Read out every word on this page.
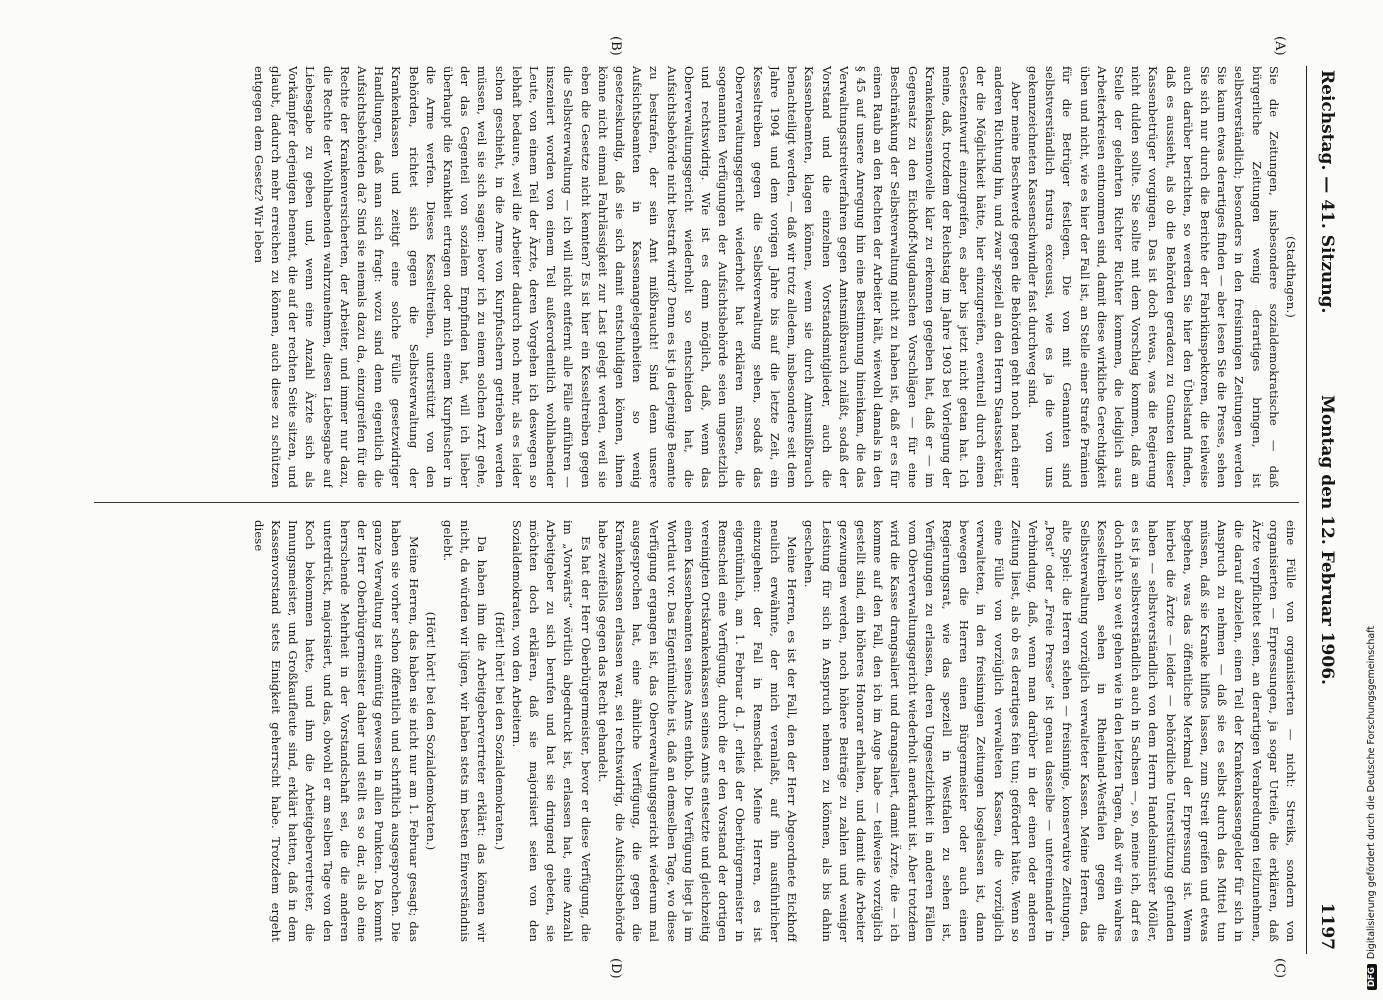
Reichstag. — 41. Sitzung.
Montag den 12. Februar 1906.
1197
(A)
(B)
(C)
(D)

(Stadthagen.)

Sie die Zeitungen, insbesondere sozialdemokratische — daß bürgerliche Zeitungen wenig derartiges bringen, ist selbstverständlich; besonders in den freisinnigen Zeitungen werden Sie kaum etwas derartiges finden — aber lesen Sie die Presse, sehen Sie sich nur durch die Berichte der Fabrikinspektoren, die teilweise auch darüber berichten, so werden Sie hier den Übelstand finden, daß es aussieht, als ob die Behörden geradezu zu Gunsten dieser Kassenbetrüger vorgingen. Das ist doch etwas, was die Regierung nicht dulden sollte. Sie sollte mit dem Vorschlag kommen, daß an Stelle der gelehrten Richter Richter kommen, die lediglich aus Arbeiterkreisen entnommen sind, damit diese wirkliche Gerechtigkeit üben und nicht, wie es hier der Fall ist, an Stelle einer Strafe Prämien für die Betrüger festlegen. Die von mit Genannten sind selbstverständlich frustra exceussi, wie es ja die von uns gekennzeichneten Kassenschwindler fast durchweg sind.

Aber meine Beschwerde gegen die Behörden geht noch nach einer anderen Richtung hin, und zwar speziell an den Herrn Staatssekretär, der die Möglichkeit hätte, hier einzugreifen, eventuell durch einen Gesetzentwurf einzugreifen, es aber bis jetzt nicht getan hat. Ich meine, daß, trotzdem der Reichstag im Jahre 1903 bei Vorlegung der Krankenkassennovelle klar zu erkennen gegeben hat, daß er — im Gegensatz zu den Eickhoff-Mugdanschen Vorschlägen — für eine Beschränkung der Selbstverwaltung nicht zu haben ist, daß er es für einen Raub an den Rechten der Arbeiter hält, wiewohl damals in den § 45 auf unsere Anregung hin eine Bestimmung hineinkam, die das Verwaltungsstreitverfahren gegen Amtsmißbrauch zuläßt, sodaß der Vorstand und die einzelnen Vorstandsmitglieder, auch die Kassenbeamten, klagen können, wenn sie durch Amtsmißbrauch benachteiligt werden, — daß wir trotz alledem, insbesondere seit dem Jahre 1904 und dem vorigen Jahre bis auf die letzte Zeit, ein Kesseltreiben gegen die Selbstverwaltung sehen, sodaß das Oberverwaltungsgericht wiederholt hat erklären müssen, die sogenannten Verfügungen der Aufsichtsbehörde seien ungesetzlich und rechtswidrig. Wie ist es denn möglich, daß, wenn das Oberverwaltungsgericht wiederholt so entschieden hat, die Aufsichtsbehörde nicht bestraft wird? Denn es ist ja derjenige Beamte zu bestrafen, der sein Amt mißbraucht! Sind denn unsere Aufsichtsbeamten in Kassenangelegenheiten so wenig gesetzeskundig, daß sie sich damit entschuldigen können, ihnen könne nicht einmal Fahrlässigkeit zur Last gelegt werden, weil sie eben die Gesetze nicht kennten? Es ist hier ein Kesseltreiben gegen die Selbstverwaltung — ich will nicht entfernt alle Fälle anführen — inszeniert worden von einem Teil außerordentlich wohlhabender Leute, von einem Teil der Ärzte, deren Vorgehen ich deswegen so lebhaft bedaure, weil die Arbeiter dadurch noch mehr, als es leider schon geschieht, in die Arme von Kurpfuschern getrieben werden müssen, weil sie sich sagen: bevor ich zu einem solchen Arzt gehe, der das Gegenteil von sozialem Empfinden hat, will ich lieber überhaupt die Krankheit ertragen oder mich einem Kurpfuscher in die Arme werfen. Dieses Kesseltreiben, unterstützt von den Behörden, richtet sich gegen die Selbstverwaltung der Krankenkassen und zeitigt eine solche Fülle gesetzwidriger Handlungen, daß man sich fragt: wozu sind denn eigentlich die Aufsichtsbehörden da? Sind sie niemals dazu da, einzugreifen für die Rechte der Krankenversicherten, der Arbeiter, und immer nur dazu, die Rechte der Wohlhabenden wahrzunehmen, diesen Liebesgabe auf Liebesgabe zu geben und, wenn eine Anzahl Ärzte sich als Vorkämpfer derjenigen benennt, die auf der rechten Seite sitzen, und glaubt, dadurch mehr erreichen zu können, auch diese zu schützen entgegen dem Gesetz? Wir leben

eine Fülle von organisierten — nicht: Streiks, sondern von organisierten — Erpressungen, ja sogar Urteile, die erklären, daß Ärzte verpflichtet seien, an derartigen Verabredungen teilzunehmen, die darauf abzielen, einen Teil der Krankenkassengelder für sich in Anspruch zu nehmen — daß sie es selbst durch das Mittel tun müssen, daß sie Kranke hilflos lassen, zum Streit greifen und etwas begehen, was das öffentliche Merkmal der Erpressung ist. Wenn hierbei die Ärzte — leider — behördliche Unterstützung gefunden haben — selbstverständlich von dem Herrn Handelsminister Möller, es ist ja selbstverständlich auch in Sachsen —, so, meine ich, darf es doch nicht so weit gehen wie in den letzten Tagen, daß wir ein wahres Kesseltreiben sehen in Rheinland-Westfalen gegen die Selbstverwaltung vorzüglich verwalteter Kassen. Meine Herren, das alte Spiel: die Herren stehen — freisinnige, konservative Zeitungen, „Post“ oder „Freie Presse“ ist genau dasselbe — untereinander in Verbindung, daß, wenn man darüber in der einen oder anderen Zeitung liest, als ob es derartiges fein tun; gefördert hätte. Wenn so eine Fülle von vorzüglich verwalteten Kassen, die vorzüglich verwalteten, in den freisinnigen Zeitungen losgelassen ist, dann bewegen die Herren einen Bürgermeister oder auch einen Regierungsrat, wie das speziell in Westfalen zu sehen ist, Verfügungen zu erlassen, deren Ungesetzlichkeit in anderen Fällen vom Oberverwaltungsgericht wiederholt anerkannt ist. Aber trotzdem wird die Kasse drangsaliert und drangsaliert, damit Ärzte, die — ich komme auf den Fall, den ich im Auge habe — teilweise vorzüglich gestellt sind, ein höheres Honorar erhalten, und damit die Arbeiter gezwungen werden, noch höhere Beiträge zu zahlen und weniger Leistung für sich in Anspruch nehmen zu können, als bis dahin geschehen.

Meine Herren, es ist der Fall, den der Herr Abgeordnete Eickhoff neulich erwähnte, der mich veranlaßt, auf ihn ausführlicher einzugehen: der Fall in Remscheid. Meine Herren, es ist eigentümlich, am 1. Februar d. J. erließ der Oberbürgermeister in Remscheid eine Verfügung, durch die er den Vorstand der dortigen vereinigten Ortskrankenkassen seines Amts entsetzte und gleichzeitig einen Kassenbeamten seines Amts enthob. Die Verfügung liegt ja im Wortlaut vor. Das Eigentümliche ist, daß an demselben Tage, wo diese Verfügung ergangen ist, das Oberverwaltungsgericht wiederum mal ausgesprochen hat, eine ähnliche Verfügung, die gegen die Krankenkassen erlassen war, sei rechtswidrig, die Aufsichtsbehörde habe zweifellos gegen das Recht gehandelt.

Es hat der Herr Oberbürgermeister, bevor er diese Verfügung, die im „Vorwärts“ wörtlich abgedruckt ist, erlassen hat, eine Anzahl Arbeitgeber zu sich berufen und hat sie dringend gebeten, sie möchten doch erklären, daß sie majorisiert seien von den Sozialdemokraten, von den Arbeitern.

(Hört! hört! bei den Sozialdemokraten.)

Da haben ihm die Arbeitgebervertreter erklärt: das können wir nicht, da würden wir lügen, wir haben stets im besten Einverständnis gelebt.

(Hört! hört! bei den Sozialdemokraten.)

Meine Herren, das haben sie nicht nur am 1. Februar gesagt; das haben sie vorher schon öffentlich und schriftlich ausgesprochen. Die ganze Verwaltung ist einmütig gewesen in allen Punkten. Da kommt der Herr Oberbürgermeister daher und stellt es so dar, als ob eine herrschende Mehrheit in der Vorstandschaft sei, die die anderen unterdrückt, majorisiert, und das, obwohl er am selben Tage von den Koch bekommen hatte, und ihm die Arbeitgebervertreter, die Innungsmeister, und Großkaufleute sind, erklärt hatten, daß in dem Kassenvorstand stets Einigkeit geherrscht habe. Trotzdem ergeht diese

DFGDigitalisierung gefördert durch die Deutsche Forschungsgemeinschaft
